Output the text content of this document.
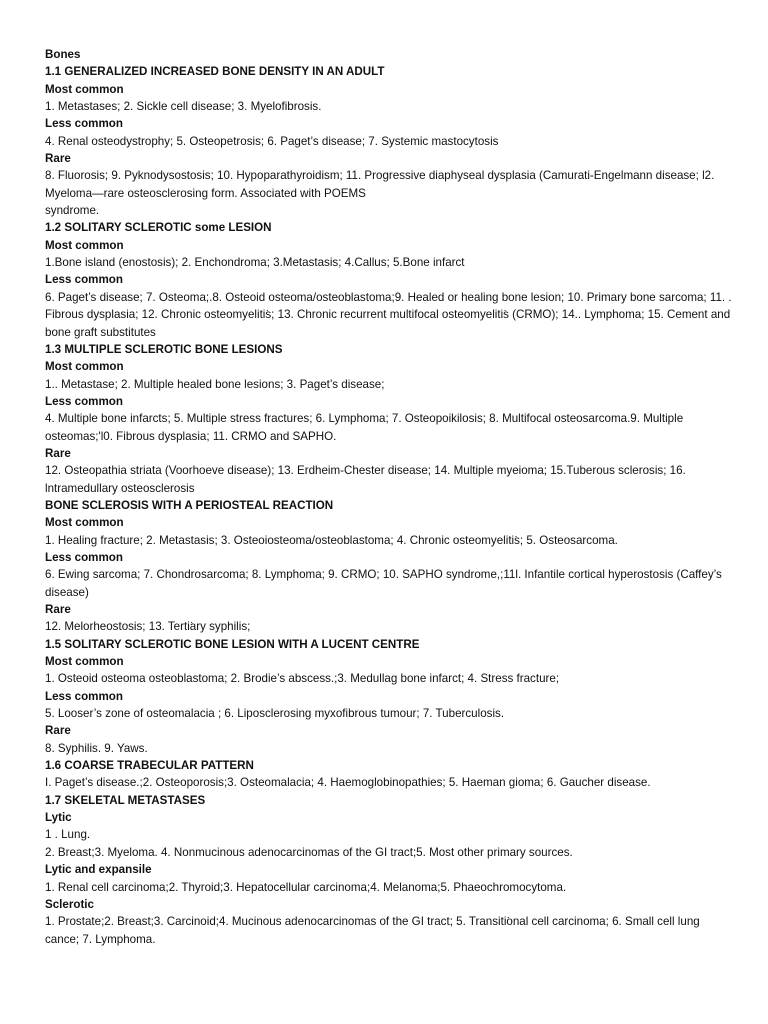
Bones
1.1 GENERALIZED INCREASED BONE DENSITY IN AN ADULT
Most common
1. Metastases; 2. Sickle cell disease; 3. Myelofibrosis.
Less common
4. Renal osteodystrophy; 5. Osteopetrosis; 6. Paget’s disease; 7. Systemic mastocytosis
Rare
8. Fluorosis; 9. Pyknodysostosis; 10. Hypoparathyroidism; 11. Progressive diaphyseal dysplasia (Camurati-Engelmann disease; l2. Myeloma—rare osteosclerosing form. Associated with POEMS
syndrome.
1.2 SOLITARY SCLEROTIC some LESION
Most common
1.Bone island (enostosis); 2. Enchondroma; 3.Metastasis; 4.Callus; 5.Bone infarct
Less common
6. Paget’s disease; 7. Osteoma;.8. Osteoid osteoma/osteoblastoma;9. Healed or healing bone lesion; 10. Primary bone sarcoma; 11. . Fibrous dysplasia; 12. Chronic osteomyeliti͘s; 13. Chronic recurrent multifocal osteomyeliti͘s (CRMO); 14.. Lymphoma; 15. Cement and bone graft substitutes
1.3 MULTIPLE SCLEROTIC BONE LESIONS
Most common
1.. Metastase; 2. Multiple healed bone lesions; 3. Paget’s disease;
Less common
4. Multiple bone infarcts; 5. Multiple stress fractures; 6. Lymphoma; 7. Osteopoikilosis; 8. Multifocal osteosarcoma.9. Multiple osteomas;'l0. Fibrous dysplasia; 11. CRMO and SAPHO.
Rare
12. Osteopathia striata (Voorhoeve disease); 13. Erdheim-Chester disease; 14. Multiple myeioma; 15.Tuberous sclerosis; 16. lntramedullary osteosclerosis
BONE SCLEROSIS WITH A PERIOSTEAL REACTION
Most common
1. Healing fracture; 2. Metastasis; 3. Osteoiosteoma/osteoblastoma; 4. Chronic osteomyeliti͘s; 5. Osteosarcoma.
Less common
6. Ewing sarcoma; 7. Chondrosarcoma; 8. Lymphoma; 9. CRMO; 10. SAPHO syndrome,;11l. Infantile cortical hyperostosis (Caffey’s disease)
Rare
12. Melorheostosis; 13. Terti͘ary syphilis;
1.5 SOLITARY SCLEROTIC BONE LESION WITH A LUCENT CENTRE
Most common
1. Osteoid osteoma osteoblastoma; 2. Brodie’s abscess.;3. Medullag bone infarct; 4. Stress fracture;
Less common
5. Looser’s zone of osteomalacia ; 6. Liposclerosing myxofibrous tumour; 7. Tuberculosis.
Rare
8. Syphilis. 9. Yaws.
1.6 COARSE TRABECULAR PATTERN
I. Paget’s disease.;2. Osteoporosis;3. Osteomalacia; 4. Haemoglobinopathies; 5. Haeman gioma; 6. Gaucher disease.
1.7 SKELETAL METASTASES
Lytic
1 . Lung.
2. Breast;3. Myeloma. 4. Nonmucinous adenocarcinomas of the GI tract;5. Most other primary sources.
Lytic and expansile
1. Renal cell carcinoma;2. Thyroid;3. Hepatocellular carcinoma;4. Melanoma;5. Phaeochromocytoma.
Sclerotic
1. Prostate;2. Breast;3. Carcinoid;4. Mucinous adenocarcinomas of the GI tract; 5. Transiti͘onal cell carcinoma; 6. Small cell lung cance; 7. Lymphoma.
